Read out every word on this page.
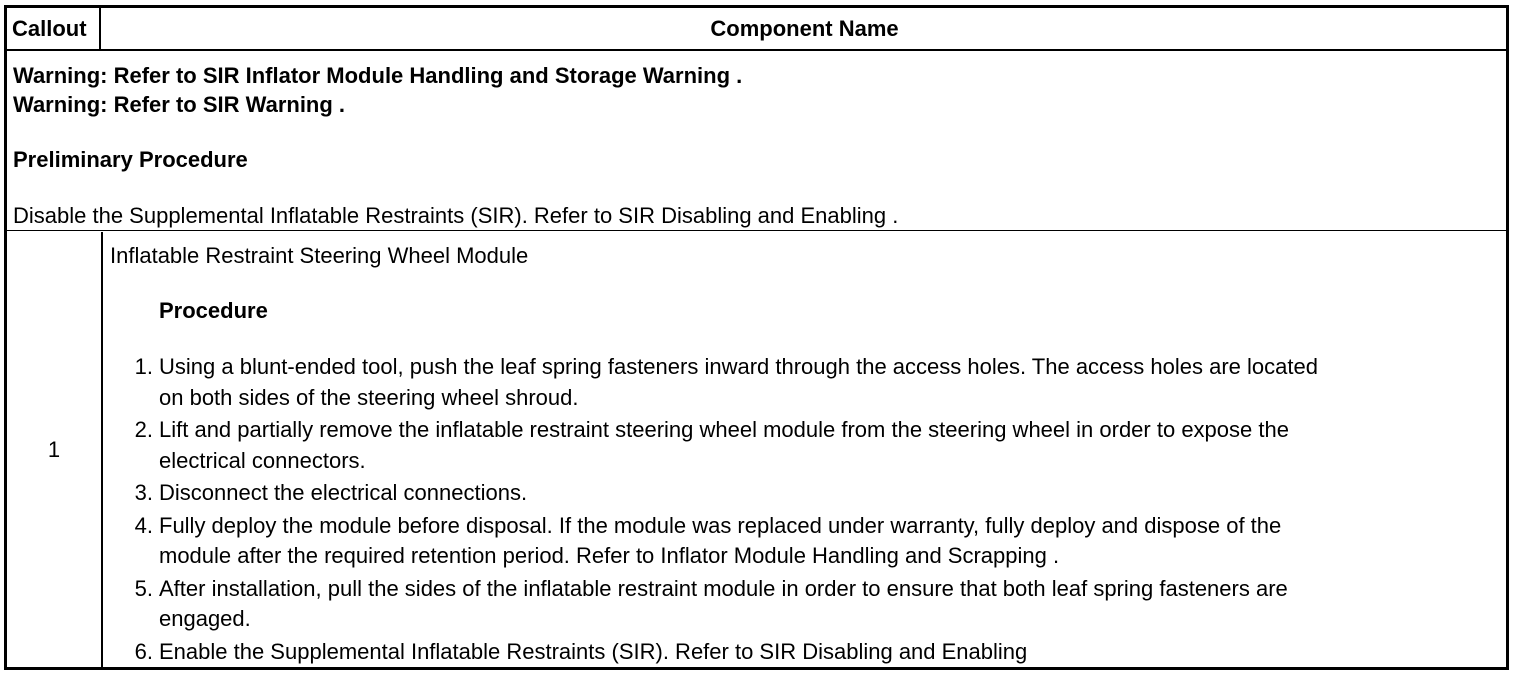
Callout	Component Name
Warning: Refer to SIR Inflator Module Handling and Storage Warning .
Warning: Refer to SIR Warning .
Preliminary Procedure
Disable the Supplemental Inflatable Restraints (SIR). Refer to SIR Disabling and Enabling .
1
Inflatable Restraint Steering Wheel Module
Procedure
1. Using a blunt-ended tool, push the leaf spring fasteners inward through the access holes. The access holes are located
on both sides of the steering wheel shroud.
2. Lift and partially remove the inflatable restraint steering wheel module from the steering wheel in order to expose the
electrical connectors.
3. Disconnect the electrical connections.
4. Fully deploy the module before disposal. If the module was replaced under warranty, fully deploy and dispose of the
module after the required retention period. Refer to Inflator Module Handling and Scrapping .
5. After installation, pull the sides of the inflatable restraint module in order to ensure that both leaf spring fasteners are
engaged.
6. Enable the Supplemental Inflatable Restraints (SIR). Refer to SIR Disabling and Enabling
